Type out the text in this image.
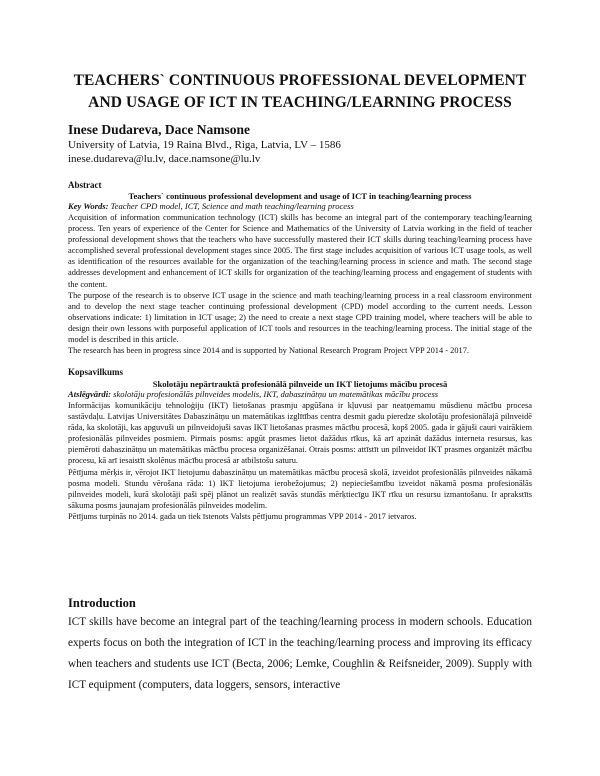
TEACHERS` CONTINUOUS PROFESSIONAL DEVELOPMENT
AND USAGE OF ICT IN TEACHING/LEARNING PROCESS
Inese Dudareva, Dace Namsone
University of Latvia, 19 Raina Blvd., Riga, Latvia, LV – 1586
inese.dudareva@lu.lv, dace.namsone@lu.lv
Abstract
Teachers` continuous professional development and usage of ICT in teaching/learning process
Key Words: Teacher CPD model, ICT, Science and math teaching/learning process

Acquisition of information communication technology (ICT) skills has become an integral part of the contemporary teaching/learning process. Ten years of experience of the Center for Science and Mathematics of the University of Latvia working in the field of teacher professional development shows that the teachers who have successfully mastered their ICT skills during teaching/learning process have accomplished several professional development stages since 2005. The first stage includes acquisition of various ICT usage tools, as well as identification of the resources available for the organization of the teaching/learning process in science and math. The second stage addresses development and enhancement of ICT skills for organization of the teaching/learning process and engagement of students with the content.

The purpose of the research is to observe ICT usage in the science and math teaching/learning process in a real classroom environment and to develop the next stage teacher continuing professional development (CPD) model according to the current needs. Lesson observations indicate: 1) limitation in ICT usage; 2) the need to create a next stage CPD training model, where teachers will be able to design their own lessons with purposeful application of ICT tools and resources in the teaching/learning process. The initial stage of the model is described in this article.

The research has been in progress since 2014 and is supported by National Research Program Project VPP 2014 - 2017.

Kopsavilkums
Skolotāju nepārtrauktā profesionālā pilnveide un IKT lietojums mācību procesā
Atslēgvārdi: skolotāju profesionālās pilnveides modelis, IKT, dabaszinātņu un matemātikas mācību process

Informācijas komunikāciju tehnoloģiju (IKT) lietošanas prasmju apgūšana ir kļuvusi par neatņemamu mūsdienu mācību procesa sastāvdaļu. Latvijas Universitātes Dabaszinātņu un matemātikas izglītības centra desmit gadu pieredze skolotāju profesionālajā pilnveidē rāda, ka skolotāji, kas apguvuši un pilnveidojuši savas IKT lietošanas prasmes mācību procesā, kopš 2005. gada ir gājuši cauri vairākiem profesionālās pilnveides posmiem. Pirmais posms: apgūt prasmes lietot dažādus rīkus, kā arī apzināt dažādus interneta resursus, kas piemēroti dabaszinātņu un matemātikas mācību procesa organizēšanai. Otrais posms: attīstīt un pilnveidot IKT prasmes organizēt mācību procesu, kā arī iesaistīt skolēnus mācību procesā ar atbilstošu saturu.

Pētījuma mērķis ir, vērojot IKT lietojumu dabaszinātņu un matemātikas mācību procesā skolā, izveidot profesionālās pilnveides nākamā posma modeli. Stundu vērošana rāda: 1) IKT lietojuma ierobežojumus; 2) nepieciešamību izveidot nākamā posma profesionālās pilnveides modeli, kurā skolotāji paši spēj plānot un realizēt savās stundās mērķtiecīgu IKT rīku un resursu izmantošanu. Ir aprakstīts sākuma posms jaunajam profesionālās pilnveides modelim.

Pētījums turpinās no 2014. gada un tiek īstenots Valsts pētījumu programmas VPP 2014 - 2017 ietvaros.

Introduction

ICT skills have become an integral part of the teaching/learning process in modern schools. Education experts focus on both the integration of ICT in the teaching/learning process and improving its efficacy when teachers and students use ICT (Becta, 2006; Lemke, Coughlin & Reifsneider, 2009). Supply with ICT equipment (computers, data loggers, sensors, interactive
